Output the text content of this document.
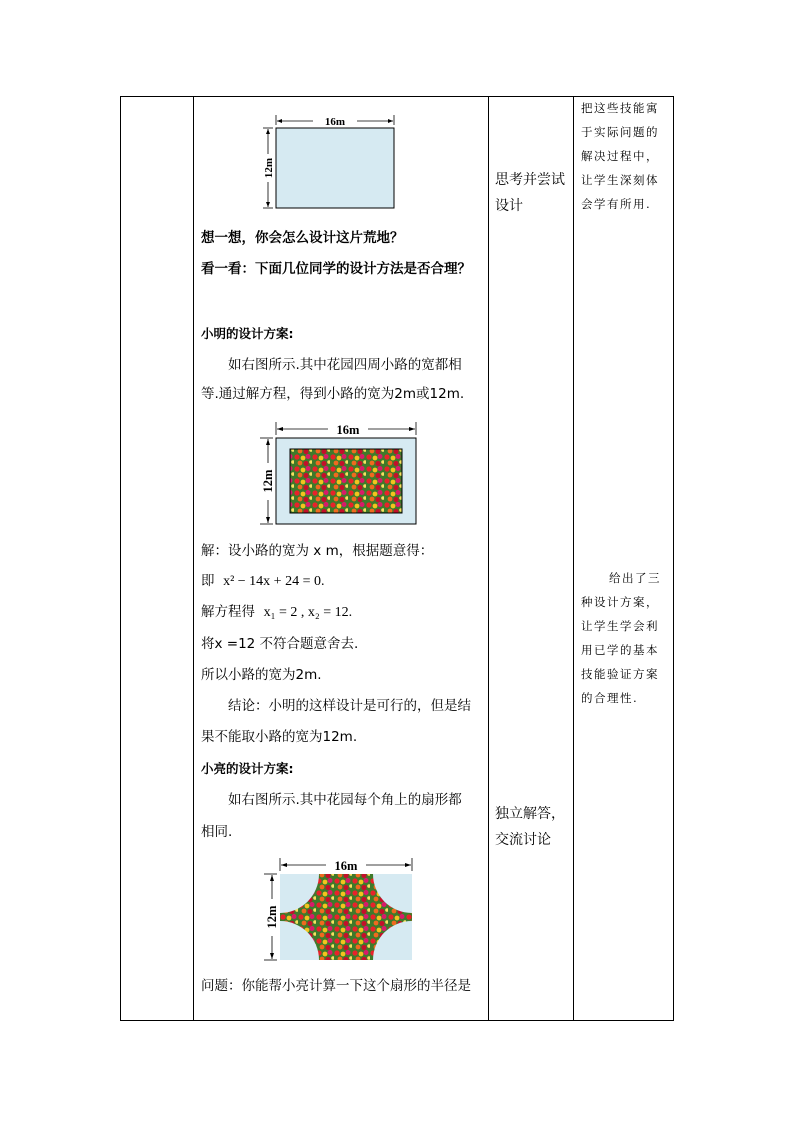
16m
12m
想一想，你会怎么设计这片荒地？
看一看：下面几位同学的设计方法是否合理？
小明的设计方案:
如右图所示.其中花园四周小路的宽都相
等.通过解方程，得到小路的宽为2m或12m.
16m
12m
解：设小路的宽为 x m，根据题意得：
即 x² − 14x + 24 = 0.
解方程得 x₁ = 2 , x₂ = 12.
将x =12 不符合题意舍去.
所以小路的宽为2m.
结论：小明的这样设计是可行的，但是结
果不能取小路的宽为12m.
小亮的设计方案:
如右图所示.其中花园每个角上的扇形都
相同.
16m
12m
问题：你能帮小亮计算一下这个扇形的半径是
思考并尝试
设计
独立解答，
交流讨论
把这些技能寓于实际问题的解决过程中，让学生深刻体会学有所用.
给出了三种设计方案，让学生学会利用已学的基本技能验证方案的合理性.
